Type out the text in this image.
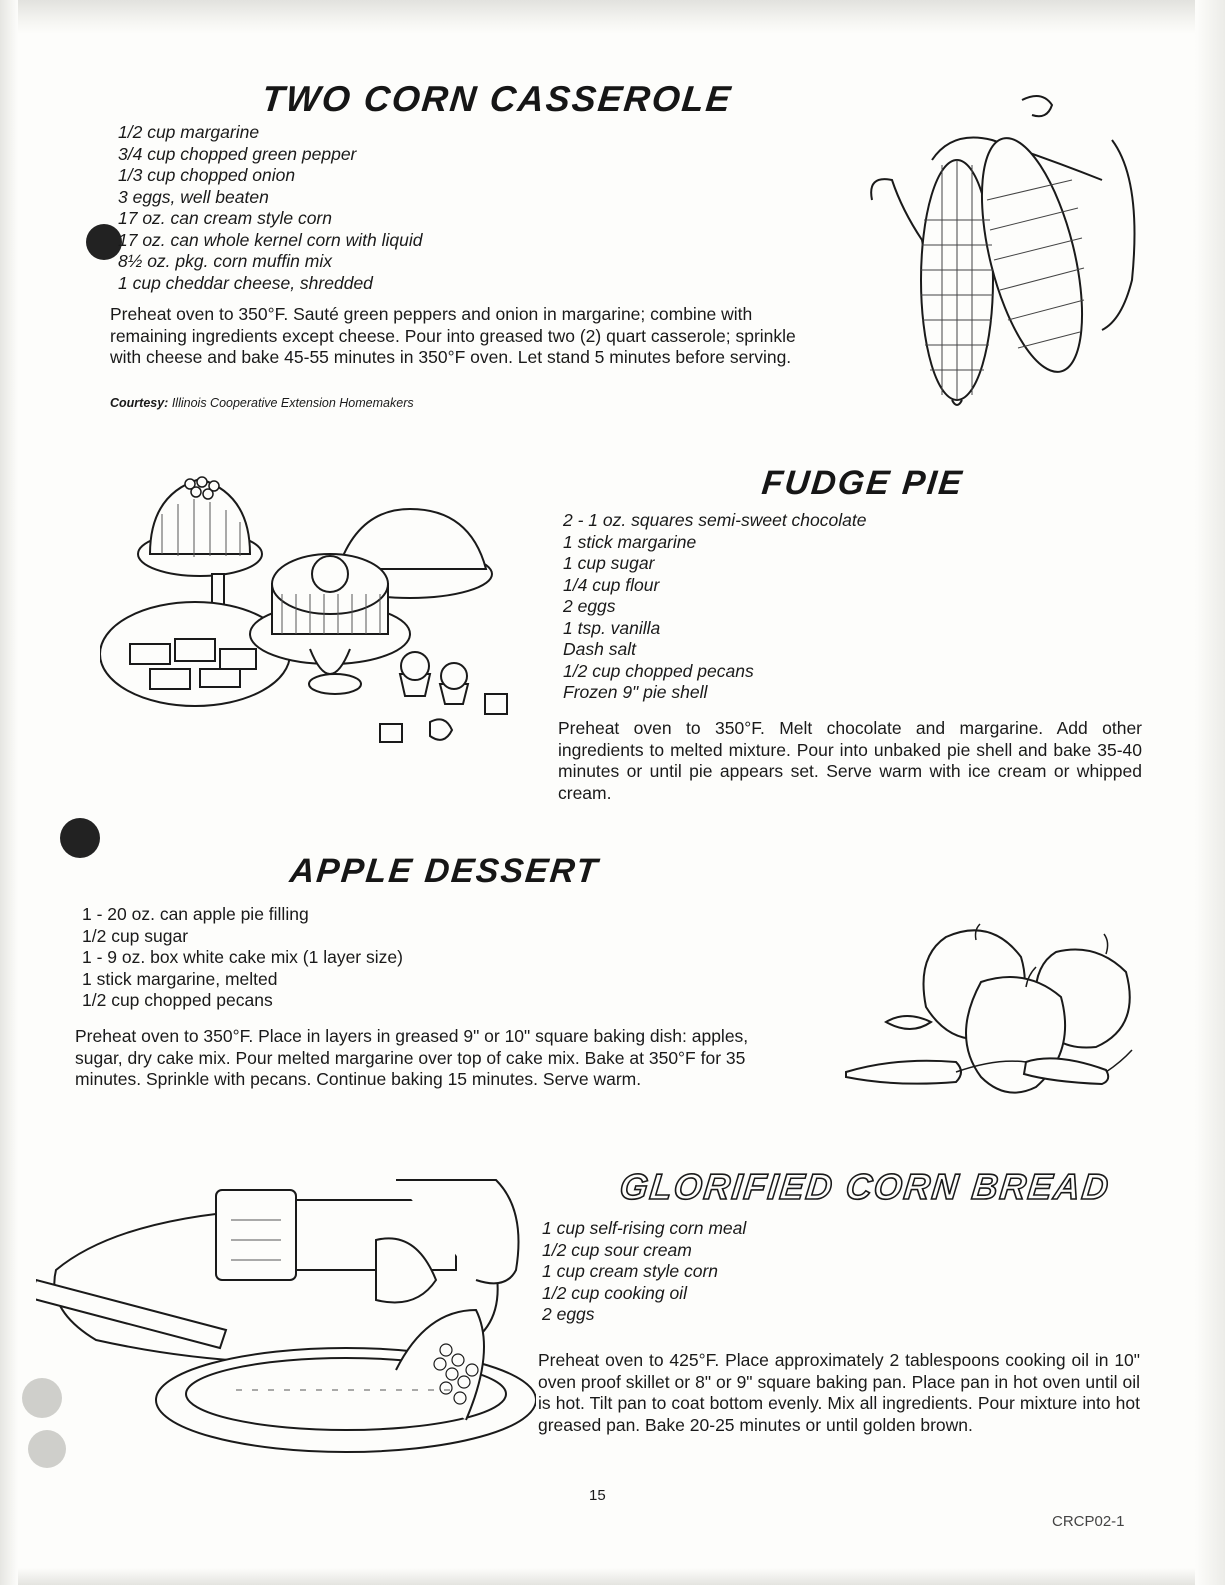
TWO CORN CASSEROLE
1/2 cup margarine
3/4 cup chopped green pepper
1/3 cup chopped onion
3 eggs, well beaten
17 oz. can cream style corn
17 oz. can whole kernel corn with liquid
8½ oz. pkg. corn muffin mix
1 cup cheddar cheese, shredded

Preheat oven to 350°F. Sauté green peppers and onion in margarine; combine with remaining ingredients except cheese. Pour into greased two (2) quart casserole; sprinkle with cheese and bake 45-55 minutes in 350°F oven. Let stand 5 minutes before serving.

Courtesy: Illinois Cooperative Extension Homemakers

FUDGE PIE
2 - 1 oz. squares semi-sweet chocolate
1 stick margarine
1 cup sugar
1/4 cup flour
2 eggs
1 tsp. vanilla
Dash salt
1/2 cup chopped pecans
Frozen 9" pie shell

Preheat oven to 350°F. Melt chocolate and margarine. Add other ingredients to melted mixture. Pour into unbaked pie shell and bake 35-40 minutes or until pie appears set. Serve warm with ice cream or whipped cream.

APPLE DESSERT
1 - 20 oz. can apple pie filling
1/2 cup sugar
1 - 9 oz. box white cake mix (1 layer size)
1 stick margarine, melted
1/2 cup chopped pecans

Preheat oven to 350°F. Place in layers in greased 9" or 10" square baking dish: apples, sugar, dry cake mix. Pour melted margarine over top of cake mix. Bake at 350°F for 35 minutes. Sprinkle with pecans. Continue baking 15 minutes. Serve warm.

GLORIFIED CORN BREAD
1 cup self-rising corn meal
1/2 cup sour cream
1 cup cream style corn
1/2 cup cooking oil
2 eggs

Preheat oven to 425°F. Place approximately 2 tablespoons cooking oil in 10" oven proof skillet or 8" or 9" square baking pan. Place pan in hot oven until oil is hot. Tilt pan to coat bottom evenly. Mix all ingredients. Pour mixture into hot greased pan. Bake 20-25 minutes or until golden brown.

15
CRCP02-1
